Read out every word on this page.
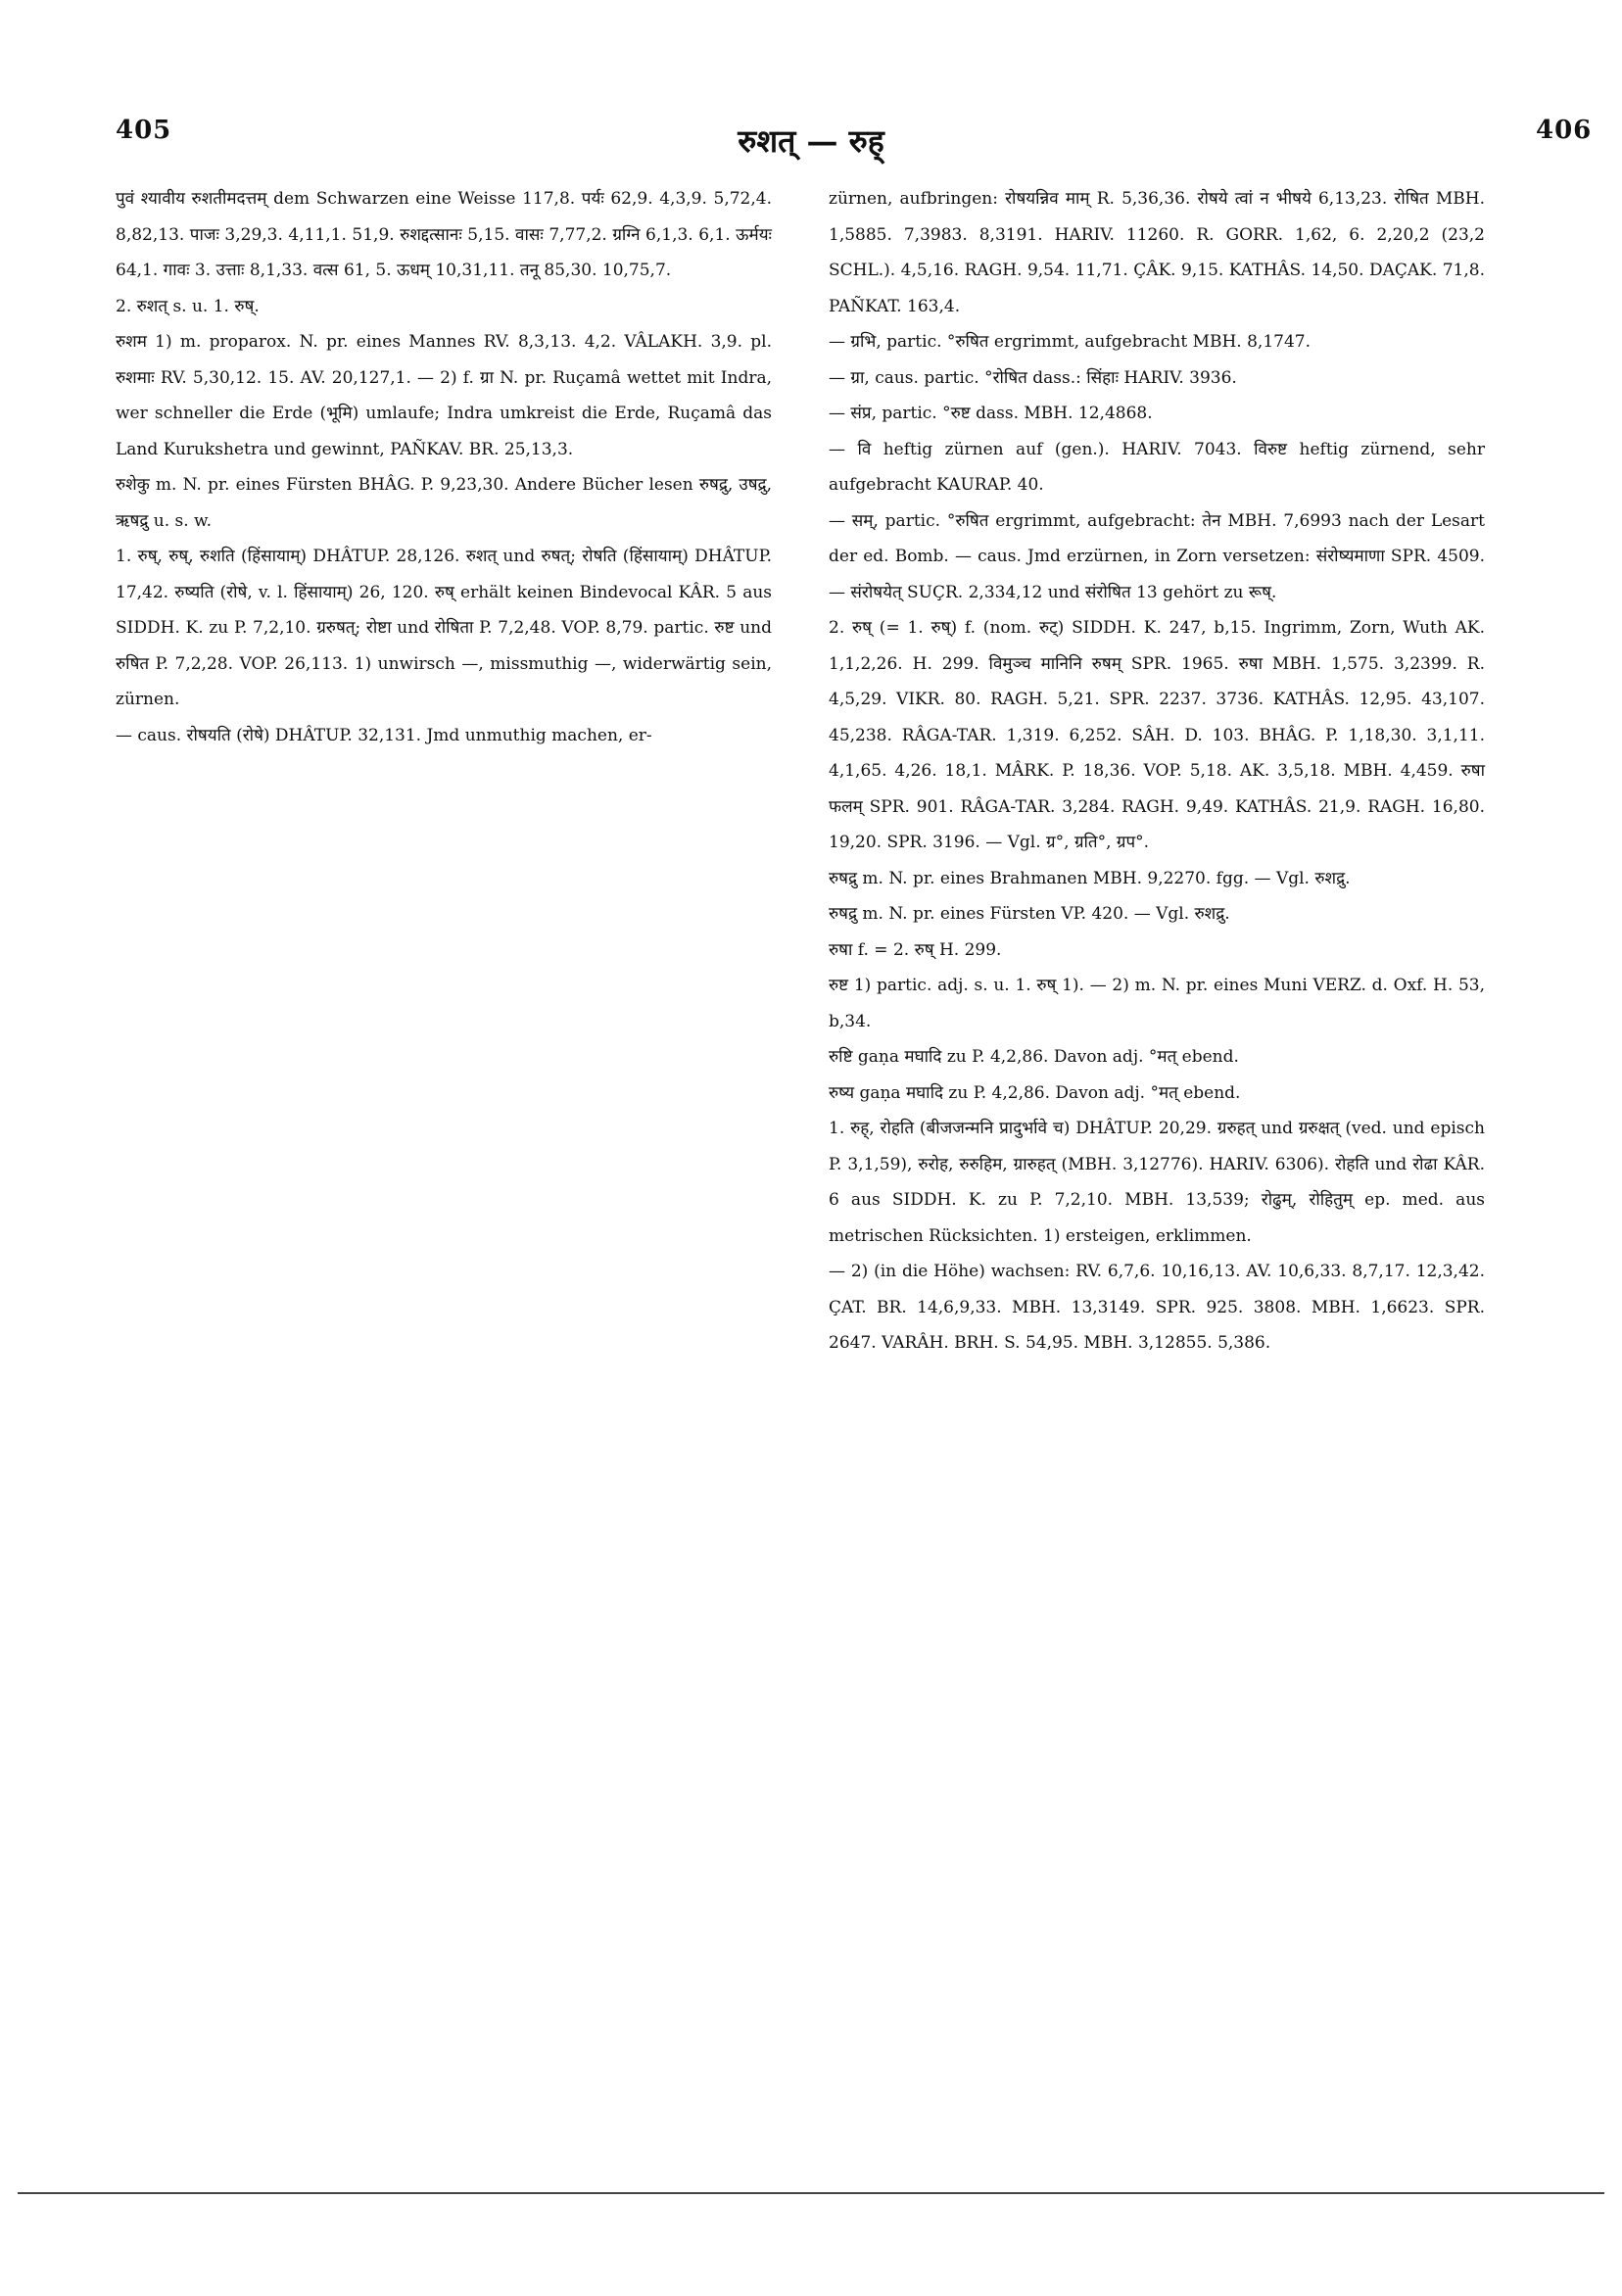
405	रुशत् — रुह्	406
पुवं श्यावीय रुशतीमदत्तम् dem Schwarzen eine Weisse 117,8. पर्यः 62,9. 4,3,9. 5,72,4. 8,82,13. पाजः 3,29,3. 4,11,1. 51,9. रुशद्दत्सानः 5,15. वासः 7,77,2. ग्रग्नि 6,1,3. 6,1. ऊर्मयः 64,1. गावः 3. उत्ताः 8,1,33. वत्स 61, 5. ऊधम् 10,31,11. तनू 85,30. 10,75,7.
2. रुशत् s. u. 1. रुष्.
रुशम 1) m. proparox. N. pr. eines Mannes RV. 8,3,13. 4,2. VÂLAKH. 3,9. pl. रुशमाः RV. 5,30,12. 15. AV. 20,127,1. — 2) f. ग्रा N. pr. Ruçamâ wettet mit Indra, wer schneller die Erde (भूमि) umlaufe; Indra umkreist die Erde, Ruçamâ das Land Kurukshetra und gewinnt, PAÑKAV. BR. 25,13,3.
रुशेकु m. N. pr. eines Fürsten BHÂG. P. 9,23,30. Andere Bücher lesen रुषद्रु, उषद्रु, ऋषद्रु u. s. w.
1. रुष्, रुष्, रुशति (हिंसायाम्) DHÂTUP. 28,126. रुशत् und रुषत्; रोषति (हिंसायाम्) DHÂTUP. 17,42. रुष्यति (रोषे, v. l. हिंसायाम्) 26, 120. रुष् erhält keinen Bindevocal KÂR. 5 aus SIDDH. K. zu P. 7,2,10. ग्ररुषत्; रोष्टा und रोषिता P. 7,2,48. VOP. 8,79. partic. रुष्ट und रुषित P. 7,2,28. VOP. 26,113. 1) unwirsch —, missmuthig —, widerwärtig sein, zürnen.
— caus. रोषयति (रोषे) DHÂTUP. 32,131. Jmd unmuthig machen, er-
zürnen, aufbringen: रोषयन्निव माम् R. 5,36,36. रोषये त्वां न भीषये 6,13,23. रोषित MBH. 1,5885. 7,3983. 8,3191. HARIV. 11260. R. GORR. 1,62, 6. 2,20,2 (23,2 SCHL.). 4,5,16. RAGH. 9,54. 11,71. ÇÂK. 9,15. KATHÂS. 14,50. DAÇAK. 71,8. PAÑKAT. 163,4.
— ग्रभि, partic. °रुषित ergrimmt, aufgebracht MBH. 8,1747.
— ग्रा, caus. partic. °रोषित dass.: सिंहाः HARIV. 3936.
— संप्र, partic. °रुष्ट dass. MBH. 12,4868.
— वि heftig zürnen auf (gen.). HARIV. 7043. विरुष्ट heftig zürnend, sehr aufgebracht KAURAP. 40.
— सम्, partic. °रुषित ergrimmt, aufgebracht: तेन MBH. 7,6993 nach der Lesart der ed. Bomb. — caus. Jmd erzürnen, in Zorn versetzen: संरोष्यमाणा SPR. 4509. — संरोषयेत् SUÇR. 2,334,12 und संरोषित 13 gehört zu रूष्.
2. रुष् (= 1. रुष्) f. (nom. रुट्) SIDDH. K. 247, b,15. Ingrimm, Zorn, Wuth AK. 1,1,2,26. H. 299. विमुञ्च मानिनि रुषम् SPR. 1965. रुषा MBH. 1,575. 3,2399. R. 4,5,29. VIKR. 80. RAGH. 5,21. SPR. 2237. 3736. KATHÂS. 12,95. 43,107. 45,238. RÂGA-TAR. 1,319. 6,252. SÂH. D. 103. BHÂG. P. 1,18,30. 3,1,11. 4,1,65. 4,26. 18,1. MÂRK. P. 18,36. VOP. 5,18. AK. 3,5,18. MBH. 4,459. रुषा फलम् SPR. 901. RÂGA-TAR. 3,284. RAGH. 9,49. KATHÂS. 21,9. RAGH. 16,80. 19,20. SPR. 3196. — Vgl. ग्र°, ग्रति°, ग्रप°.
रुषद्रु m. N. pr. eines Brahmanen MBH. 9,2270. fgg. — Vgl. रुशद्रु.
रुषद्रु m. N. pr. eines Fürsten VP. 420. — Vgl. रुशद्रु.
रुषा f. = 2. रुष् H. 299.
रुष्ट 1) partic. adj. s. u. 1. रुष् 1). — 2) m. N. pr. eines Muni VERZ. d. Oxf. H. 53, b,34.
रुष्टि gaṇa मघादि zu P. 4,2,86. Davon adj. °मत् ebend.
रुष्य gaṇa मघादि zu P. 4,2,86. Davon adj. °मत् ebend.
1. रुह्, रोहति (बीजजन्मनि प्रादुर्भावे च) DHÂTUP. 20,29. ग्ररुहत् und ग्ररुक्षत् (ved. und episch P. 3,1,59), रुरोह, रुरुहिम, ग्रारुहत् (MBH. 3,12776). HARIV. 6306). रोहति und रोढा KÂR. 6 aus SIDDH. K. zu P. 7,2,10. MBH. 13,539; रोढुम्, रोहितुम् ep. med. aus metrischen Rücksichten. 1) ersteigen, erklimmen.
— 2) (in die Höhe) wachsen: RV. 6,7,6. 10,16,13. AV. 10,6,33. 8,7,17. 12,3,42. ÇAT. BR. 14,6,9,33. MBH. 13,3149. SPR. 925. 3808. MBH. 1,6623. SPR. 2647. VARÂH. BRH. S. 54,95. MBH. 3,12855. 5,386.
